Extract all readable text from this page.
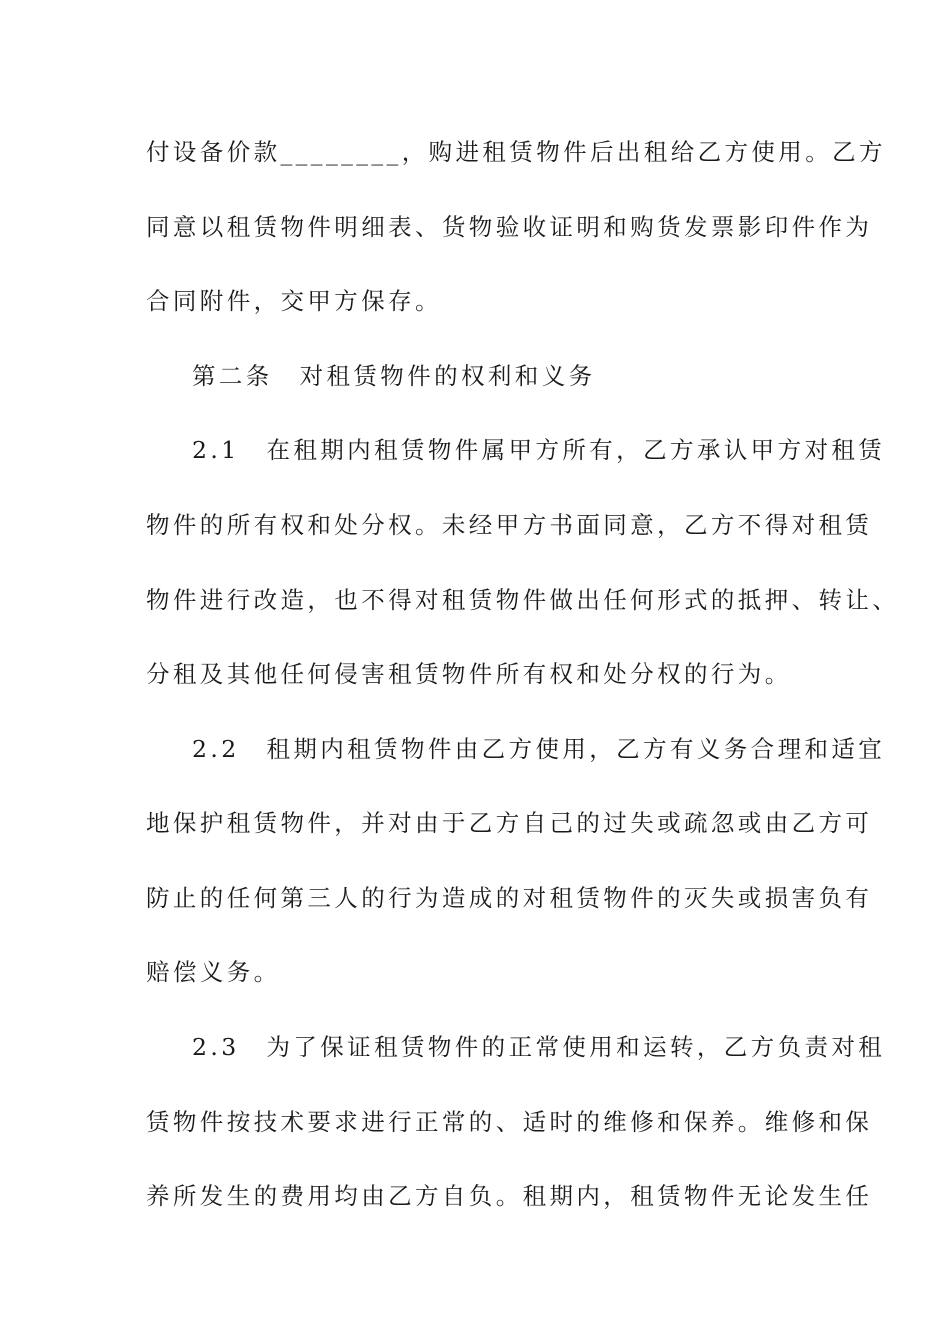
付设备价款________，购进租赁物件后出租给乙方使用。乙方
同意以租赁物件明细表、货物验收证明和购货发票影印件作为
合同附件，交甲方保存。
第二条　对租赁物件的权利和义务
2.1　在租期内租赁物件属甲方所有，乙方承认甲方对租赁
物件的所有权和处分权。未经甲方书面同意，乙方不得对租赁
物件进行改造，也不得对租赁物件做出任何形式的抵押、转让、
分租及其他任何侵害租赁物件所有权和处分权的行为。
2.2　租期内租赁物件由乙方使用，乙方有义务合理和适宜
地保护租赁物件，并对由于乙方自己的过失或疏忽或由乙方可
防止的任何第三人的行为造成的对租赁物件的灭失或损害负有
赔偿义务。
2.3　为了保证租赁物件的正常使用和运转，乙方负责对租
赁物件按技术要求进行正常的、适时的维修和保养。维修和保
养所发生的费用均由乙方自负。租期内，租赁物件无论发生任
